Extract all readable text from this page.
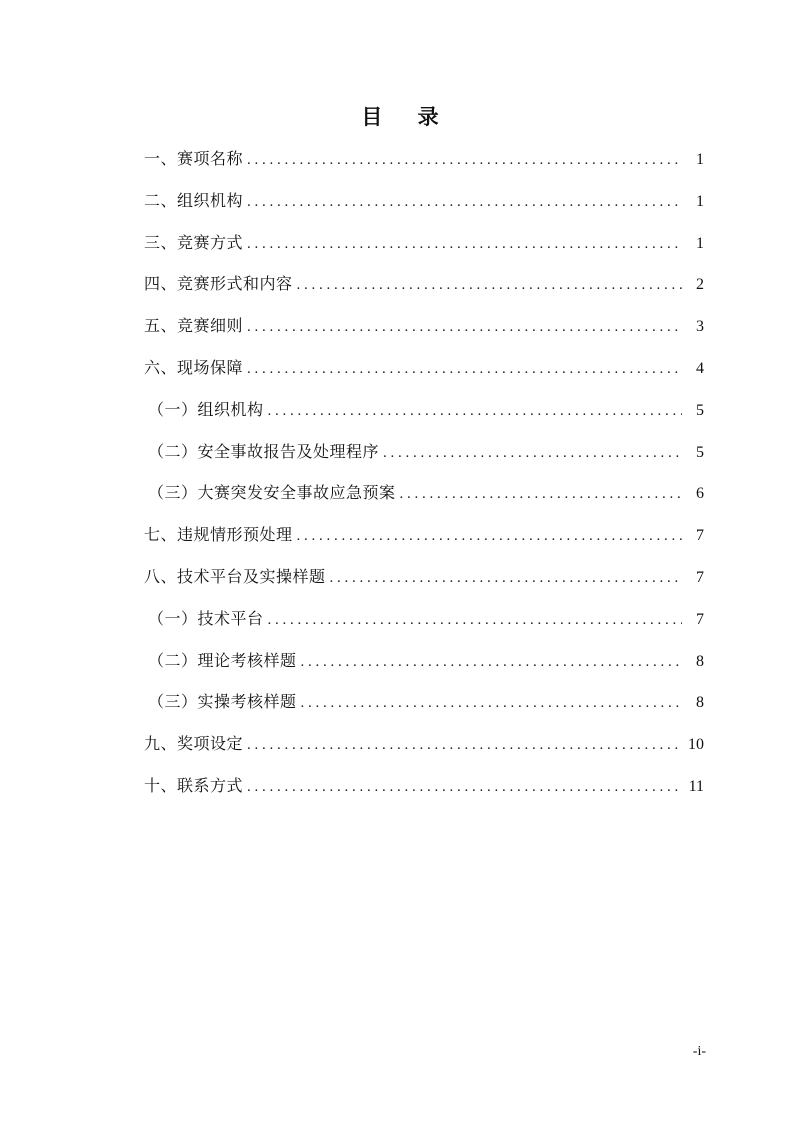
目 录
一、赛项名称 . . .	1
二、组织机构 . . .	1
三、竞赛方式 . . .	1
四、竞赛形式和内容 . . .	2
五、竞赛细则 . . .	3
六、现场保障 . . .	4
（一）组织机构 . . .	5
（二）安全事故报告及处理程序 . . .	5
（三）大赛突发安全事故应急预案 . . .	6
七、违规情形预处理 . . .	7
八、技术平台及实操样题 . . .	7
（一）技术平台 . . .	7
（二）理论考核样题 . . .	8
（三）实操考核样题 . . .	8
九、奖项设定 . . .	10
十、联系方式 . . .	11
-i-
